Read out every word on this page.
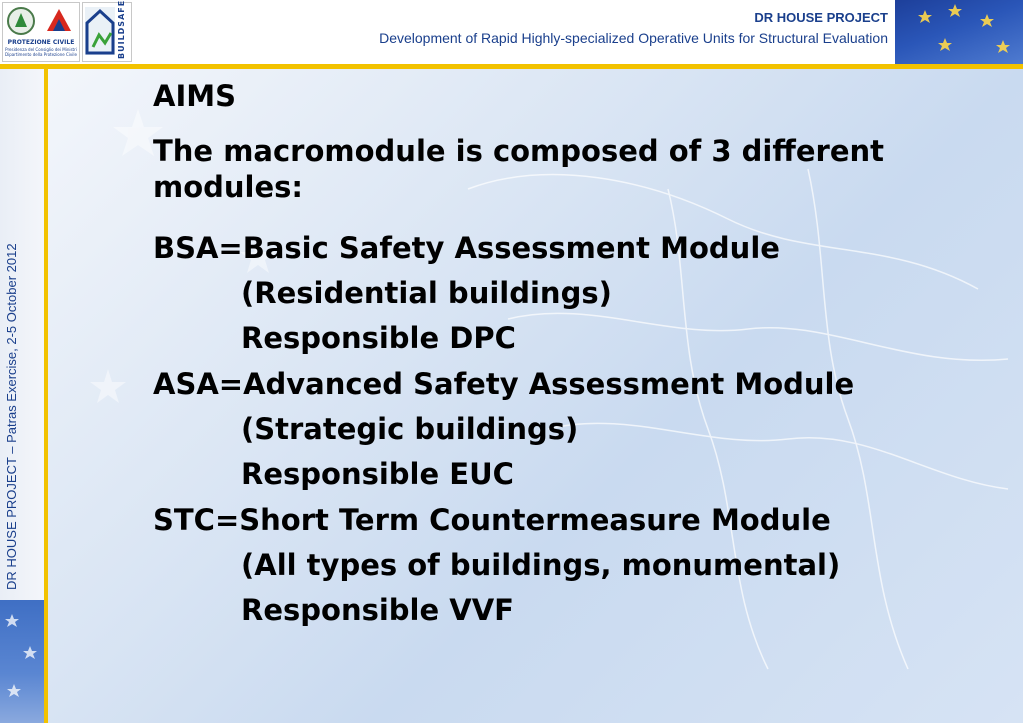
PROTEZIONE CIVILE
Presidenza del Consiglio dei Ministri Dipartimento della Protezione Civile	BUILDSAFE	DR HOUSE PROJECT
Development of Rapid Highly-specialized Operative Units for Structural Evaluation
DR HOUSE PROJECT – Patras Exercise, 2-5 October 2012
AIMS
The macromodule is composed of 3 different modules:
BSA=Basic Safety Assessment Module
(Residential buildings)
Responsible DPC
ASA=Advanced Safety Assessment Module
(Strategic buildings)
Responsible EUC
STC=Short Term Countermeasure Module
(All types of buildings, monumental)
Responsible VVF
